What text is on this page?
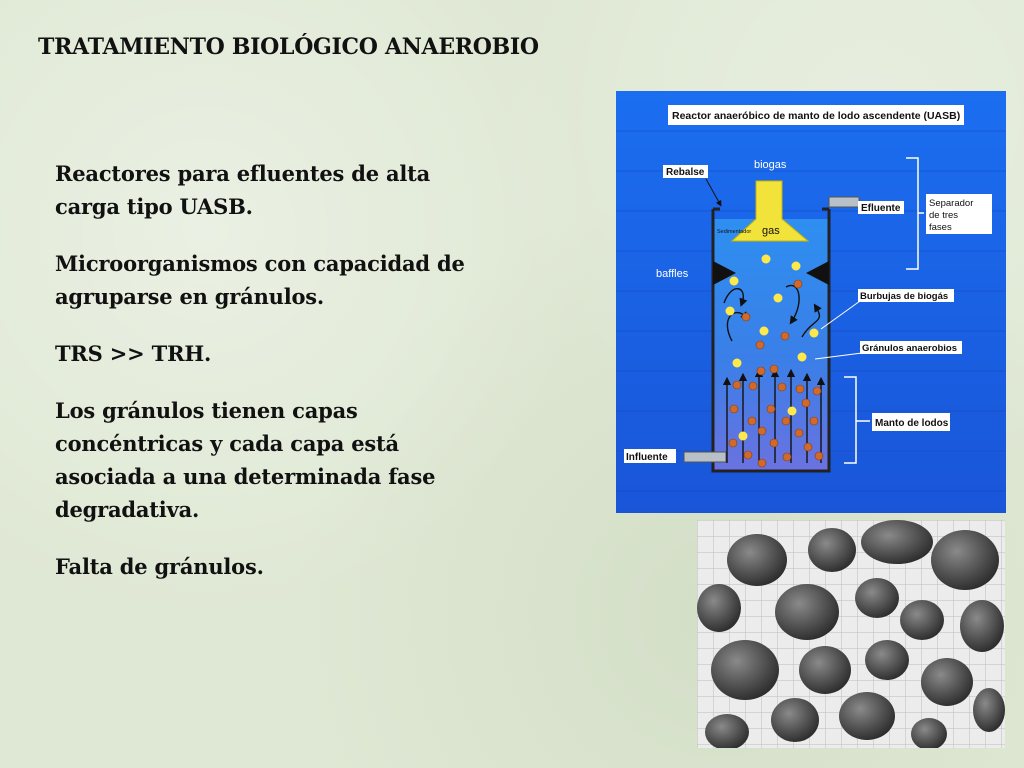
TRATAMIENTO BIOLÓGICO ANAEROBIO

Reactores para efluentes de alta carga tipo UASB.

Microorganismos con capacidad de agruparse en gránulos.

TRS >> TRH.

Los gránulos tienen capas concéntricas y cada capa está asociada a una determinada fase degradativa.

Falta de gránulos.

Reactor anaeróbico de manto de lodo ascendente (UASB)
gas
Sedimentador
biogas
Rebalse
Efluente	Separador
de tres
fases
baffles
Burbujas de biogás
Gránulos anaerobios
Manto de lodos
Influente
